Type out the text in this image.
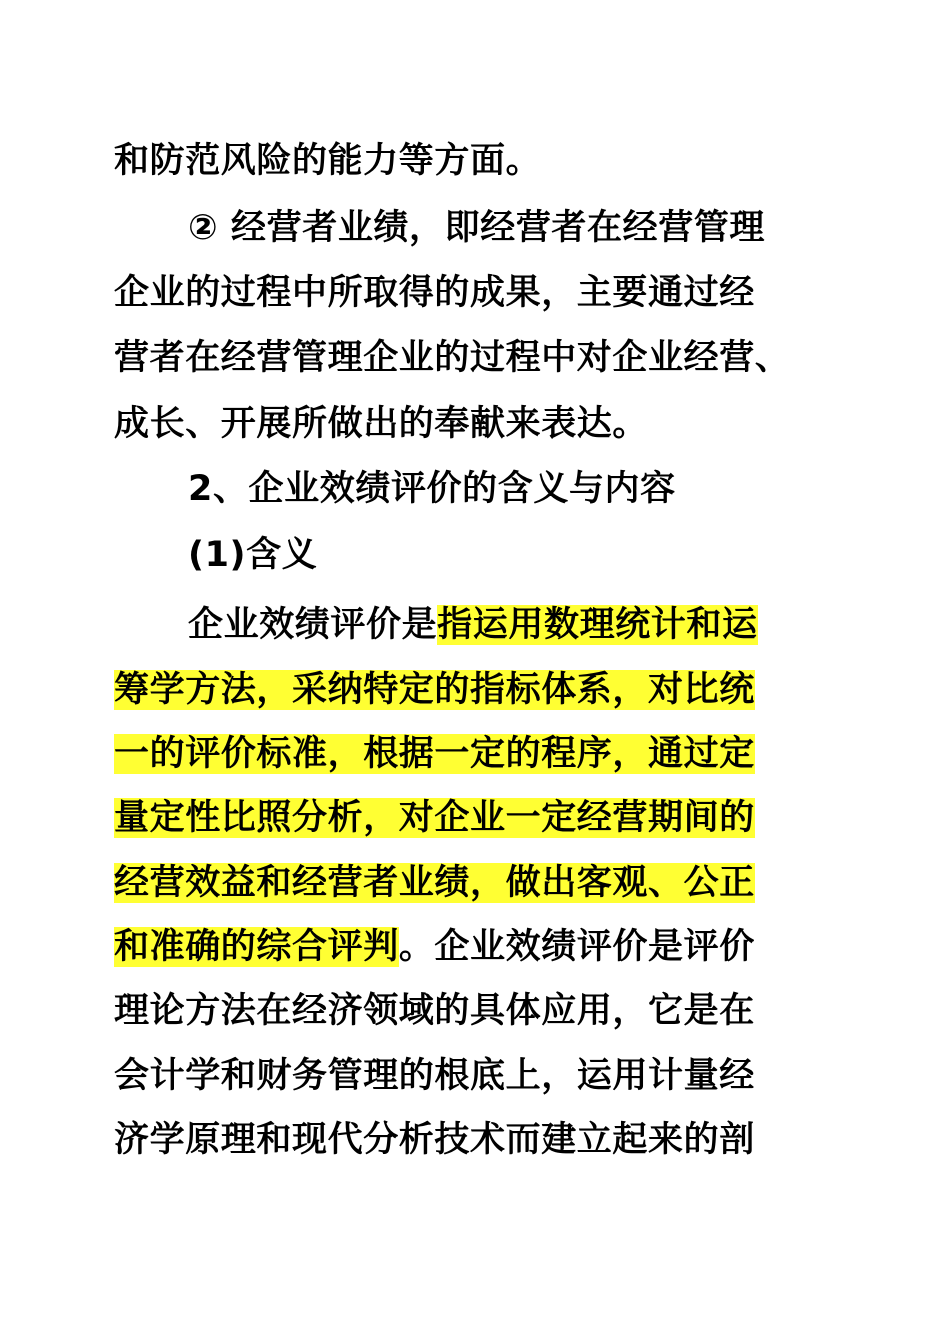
和防范风险的能力等方面。
② 经营者业绩，即经营者在经营管理
企业的过程中所取得的成果，主要通过经
营者在经营管理企业的过程中对企业经营、
成长、开展所做出的奉献来表达。
2、企业效绩评价的含义与内容
(1)含义
企业效绩评价是指运用数理统计和运
筹学方法，采纳特定的指标体系，对比统
一的评价标准，根据一定的程序，通过定
量定性比照分析，对企业一定经营期间的
经营效益和经营者业绩，做出客观、公正
和准确的综合评判。企业效绩评价是评价
理论方法在经济领域的具体应用，它是在
会计学和财务管理的根底上，运用计量经
济学原理和现代分析技术而建立起来的剖
